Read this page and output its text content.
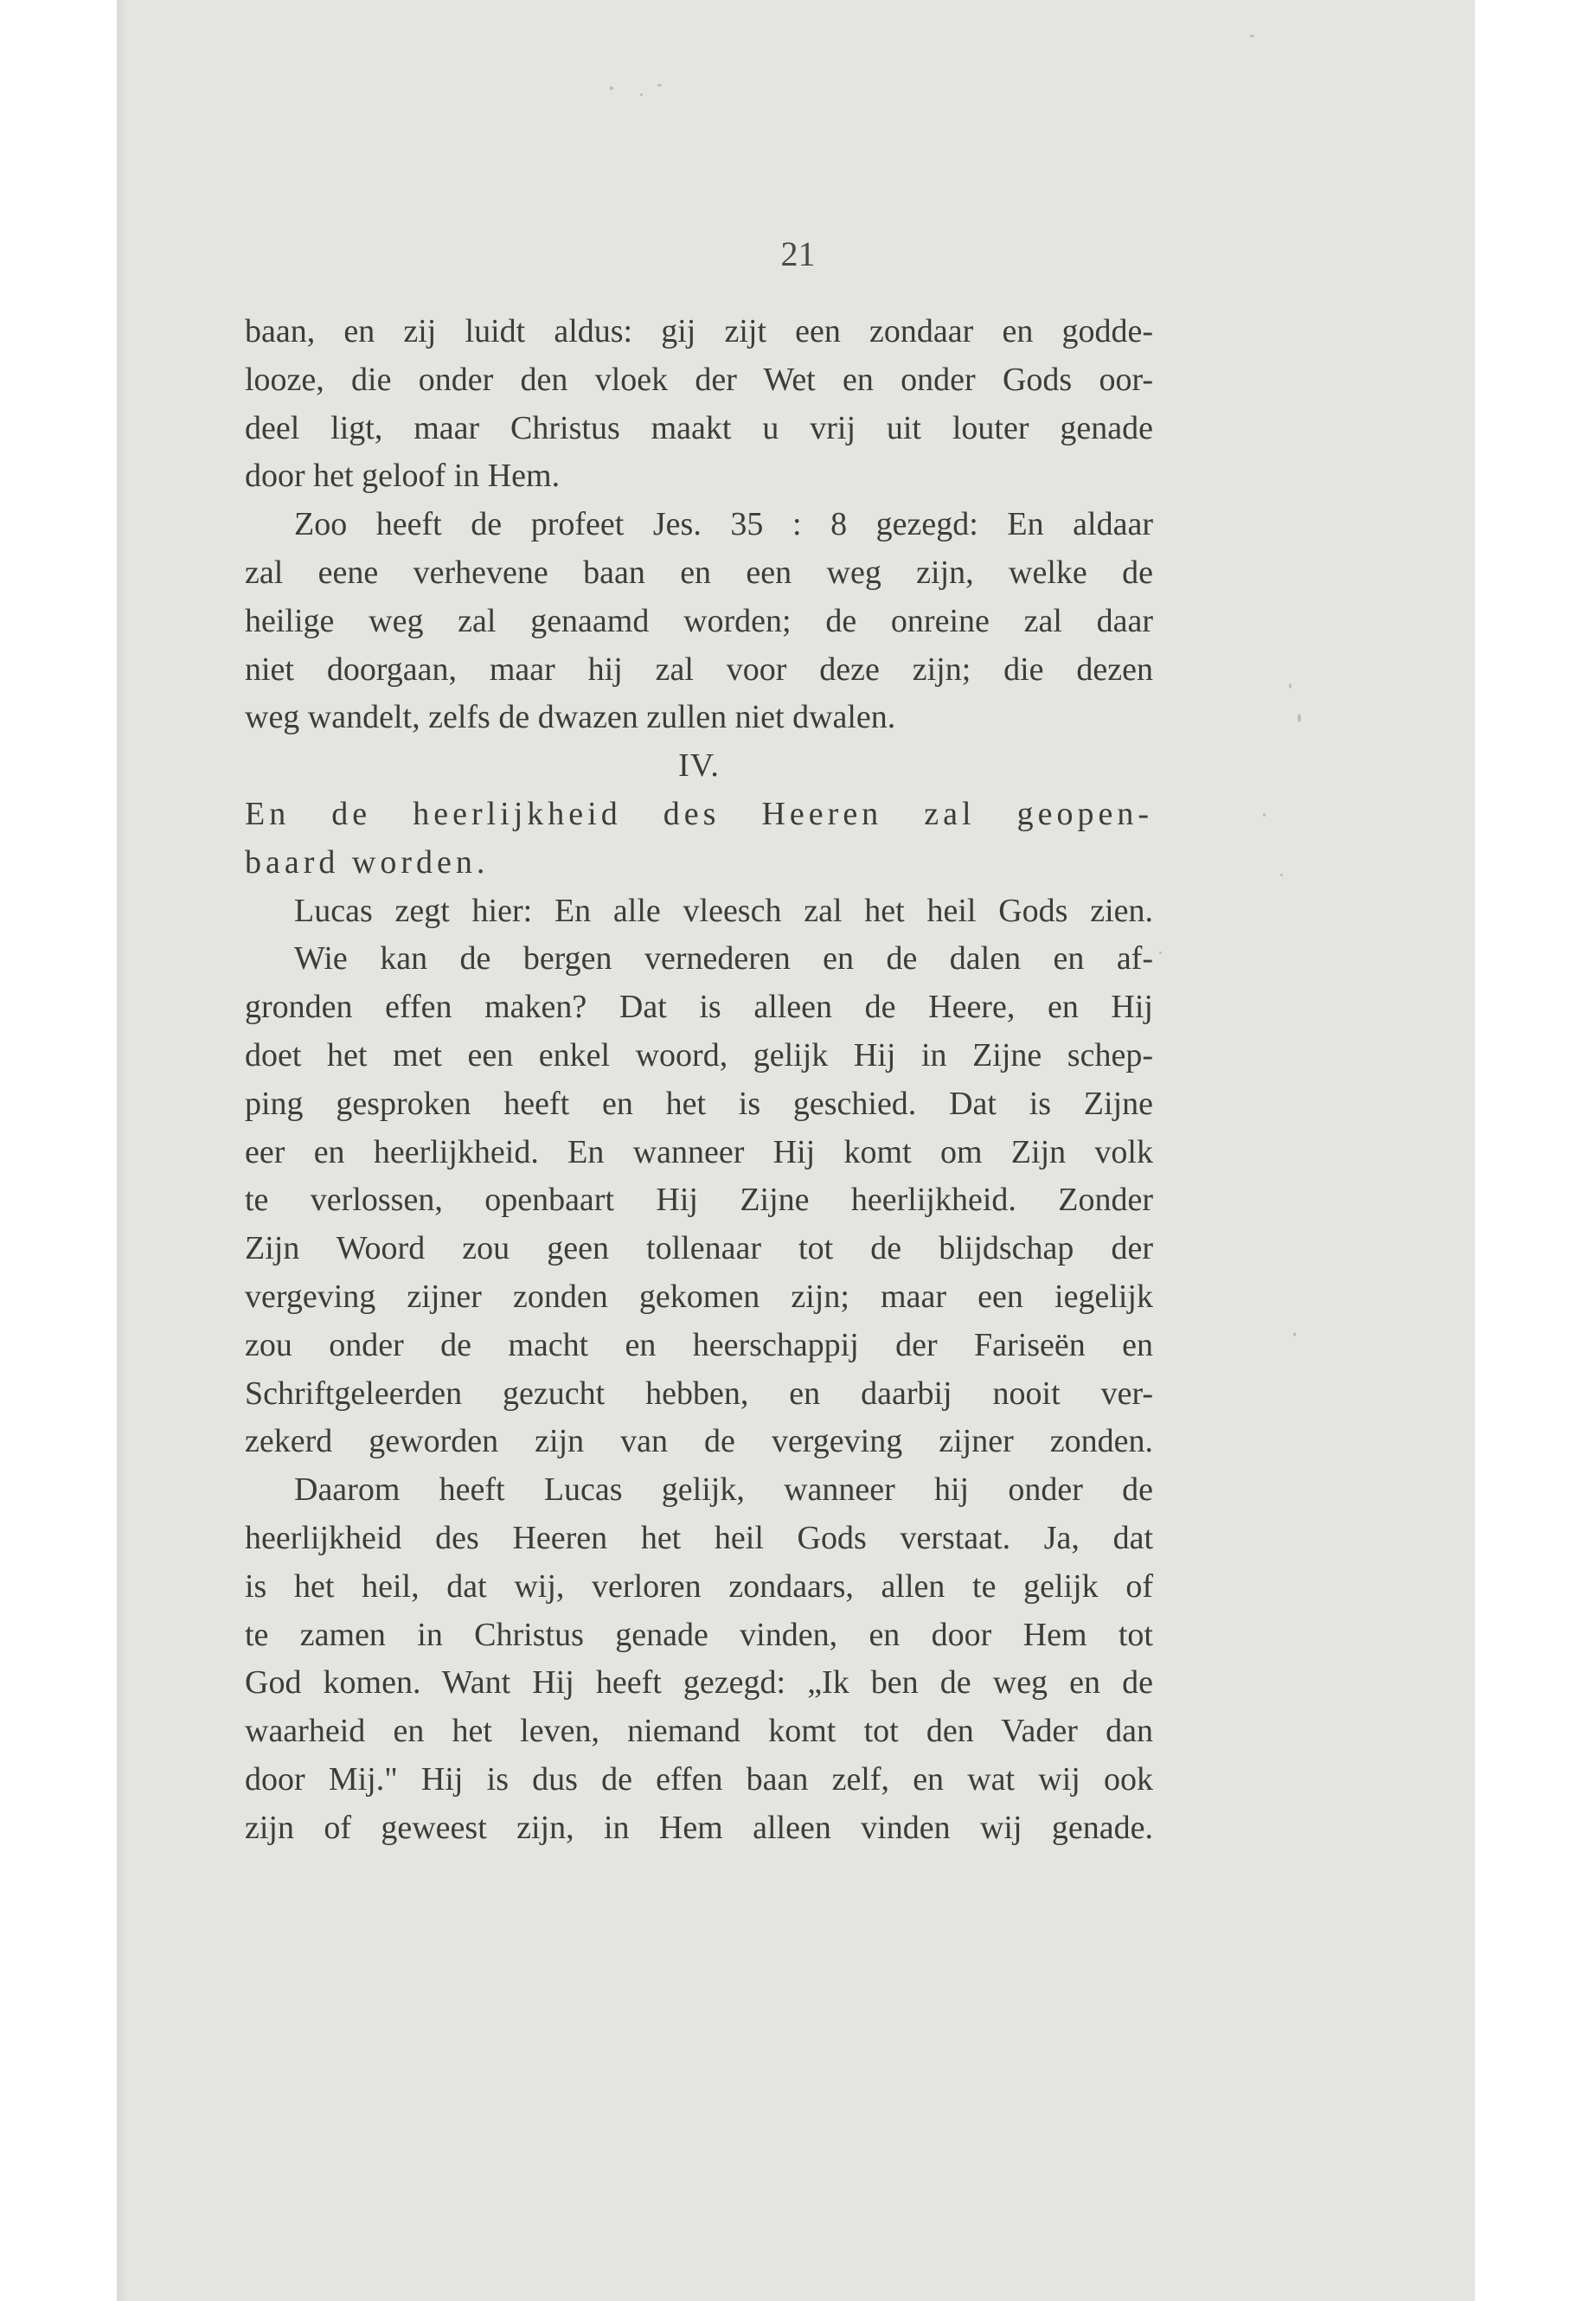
21
baan, en zij luidt aldus: gij zijt een zondaar en godde-
looze, die onder den vloek der Wet en onder Gods oor-
deel ligt, maar Christus maakt u vrij uit louter genade
door het geloof in Hem.
Zoo heeft de profeet Jes. 35 : 8 gezegd: En aldaar
zal eene verhevene baan en een weg zijn, welke de
heilige weg zal genaamd worden; de onreine zal daar
niet doorgaan, maar hij zal voor deze zijn; die dezen
weg wandelt, zelfs de dwazen zullen niet dwalen.
IV.
En de heerlijkheid des Heeren zal geopen-
baard worden.
Lucas zegt hier: En alle vleesch zal het heil Gods zien.
Wie kan de bergen vernederen en de dalen en af-
gronden effen maken? Dat is alleen de Heere, en Hij
doet het met een enkel woord, gelijk Hij in Zijne schep-
ping gesproken heeft en het is geschied. Dat is Zijne
eer en heerlijkheid. En wanneer Hij komt om Zijn volk
te verlossen, openbaart Hij Zijne heerlijkheid. Zonder
Zijn Woord zou geen tollenaar tot de blijdschap der
vergeving zijner zonden gekomen zijn; maar een iegelijk
zou onder de macht en heerschappij der Fariseën en
Schriftgeleerden gezucht hebben, en daarbij nooit ver-
zekerd geworden zijn van de vergeving zijner zonden.
Daarom heeft Lucas gelijk, wanneer hij onder de
heerlijkheid des Heeren het heil Gods verstaat. Ja, dat
is het heil, dat wij, verloren zondaars, allen te gelijk of
te zamen in Christus genade vinden, en door Hem tot
God komen. Want Hij heeft gezegd: „Ik ben de weg en de
waarheid en het leven, niemand komt tot den Vader dan
door Mij." Hij is dus de effen baan zelf, en wat wij ook
zijn of geweest zijn, in Hem alleen vinden wij genade.
